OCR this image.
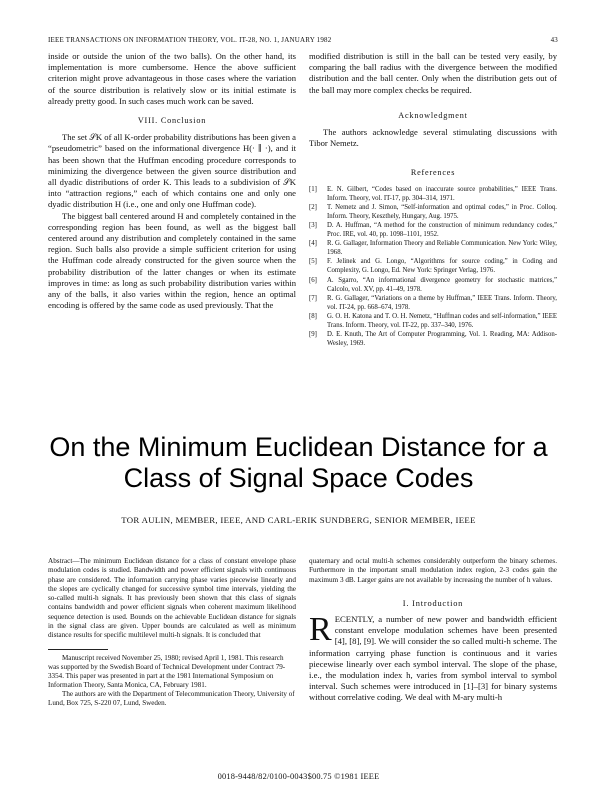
IEEE TRANSACTIONS ON INFORMATION THEORY, VOL. IT-28, NO. 1, JANUARY 1982	43

inside or outside the union of the two balls). On the other hand, its implementation is more cumbersome. Hence the above sufficient criterion might prove advantageous in those cases where the variation of the source distribution is relatively slow or its initial estimate is already pretty good. In such cases much work can be saved.

VIII. Conclusion

The set 𝒮K of all K-order probability distributions has been given a “pseudometric” based on the informational divergence H(· ∥ ·), and it has been shown that the Huffman encoding procedure corresponds to minimizing the divergence between the given source distribution and all dyadic distributions of order K. This leads to a subdivision of 𝒮K into “attraction regions,” each of which contains one and only one dyadic distribution H (i.e., one and only one Huffman code).

The biggest ball centered around H and completely contained in the corresponding region has been found, as well as the biggest ball centered around any distribution and completely contained in the same region. Such balls also provide a simple sufficient criterion for using the Huffman code already constructed for the given source when the probability distribution of the latter changes or when its estimate improves in time: as long as such probability distribution varies within any of the balls, it also varies within the region, hence an optimal encoding is offered by the same code as used previously. That the

modified distribution is still in the ball can be tested very easily, by comparing the ball radius with the divergence between the modified distribution and the ball center. Only when the distribution gets out of the ball may more complex checks be required.

Acknowledgment

The authors acknowledge several stimulating discussions with Tibor Nemetz.

References
[1]	E. N. Gilbert, “Codes based on inaccurate source probabilities,” IEEE Trans. Inform. Theory, vol. IT-17, pp. 304–314, 1971.
[2]	T. Nemetz and J. Simon, “Self-information and optimal codes,” in Proc. Colloq. Inform. Theory, Keszthely, Hungary, Aug. 1975.
[3]	D. A. Huffman, “A method for the construction of minimum redundancy codes,” Proc. IRE, vol. 40, pp. 1098–1101, 1952.
[4]	R. G. Gallager, Information Theory and Reliable Communication. New York: Wiley, 1968.
[5]	F. Jelinek and G. Longo, “Algorithms for source coding,” in Coding and Complexity, G. Longo, Ed. New York: Springer Verlag, 1976.
[6]	A. Sgarro, “An informational divergence geometry for stochastic matrices,” Calcolo, vol. XV, pp. 41–49, 1978.
[7]	R. G. Gallager, “Variations on a theme by Huffman,” IEEE Trans. Inform. Theory, vol. IT-24, pp. 668–674, 1978.
[8]	G. O. H. Katona and T. O. H. Nemetz, “Huffman codes and self-information,” IEEE Trans. Inform. Theory, vol. IT-22, pp. 337–340, 1976.
[9]	D. E. Knuth, The Art of Computer Programming, Vol. 1. Reading, MA: Addison-Wesley, 1969.
On the Minimum Euclidean Distance for a
Class of Signal Space Codes
TOR AULIN, MEMBER, IEEE, AND CARL-ERIK SUNDBERG, SENIOR MEMBER, IEEE

Abstract—The minimum Euclidean distance for a class of constant envelope phase modulation codes is studied. Bandwidth and power efficient signals with continuous phase are considered. The information carrying phase varies piecewise linearly and the slopes are cyclically changed for successive symbol time intervals, yielding the so-called multi-h signals. It has previously been shown that this class of signals contains bandwidth and power efficient signals when coherent maximum likelihood sequence detection is used. Bounds on the achievable Euclidean distance for signals in the signal class are given. Upper bounds are calculated as well as minimum distance results for specific multilevel multi-h signals. It is concluded that

Manuscript received November 25, 1980; revised April 1, 1981. This research was supported by the Swedish Board of Technical Development under Contract 79-3354. This paper was presented in part at the 1981 International Symposium on Information Theory, Santa Monica, CA, February 1981.

The authors are with the Department of Telecommunication Theory, University of Lund, Box 725, S-220 07, Lund, Sweden.

quaternary and octal multi-h schemes considerably outperform the binary schemes. Furthermore in the important small modulation index region, 2-3 codes gain the maximum 3 dB. Larger gains are not available by increasing the number of h values.

I. Introduction

RECENTLY, a number of new power and bandwidth efficient constant envelope modulation schemes have been presented [4], [8], [9]. We will consider the so called multi-h scheme. The information carrying phase function is continuous and it varies piecewise linearly over each symbol interval. The slope of the phase, i.e., the modulation index h, varies from symbol interval to symbol interval. Such schemes were introduced in [1]–[3] for binary systems without correlative coding. We deal with M-ary multi-h

0018-9448/82/0100-0043$00.75 ©1981 IEEE
